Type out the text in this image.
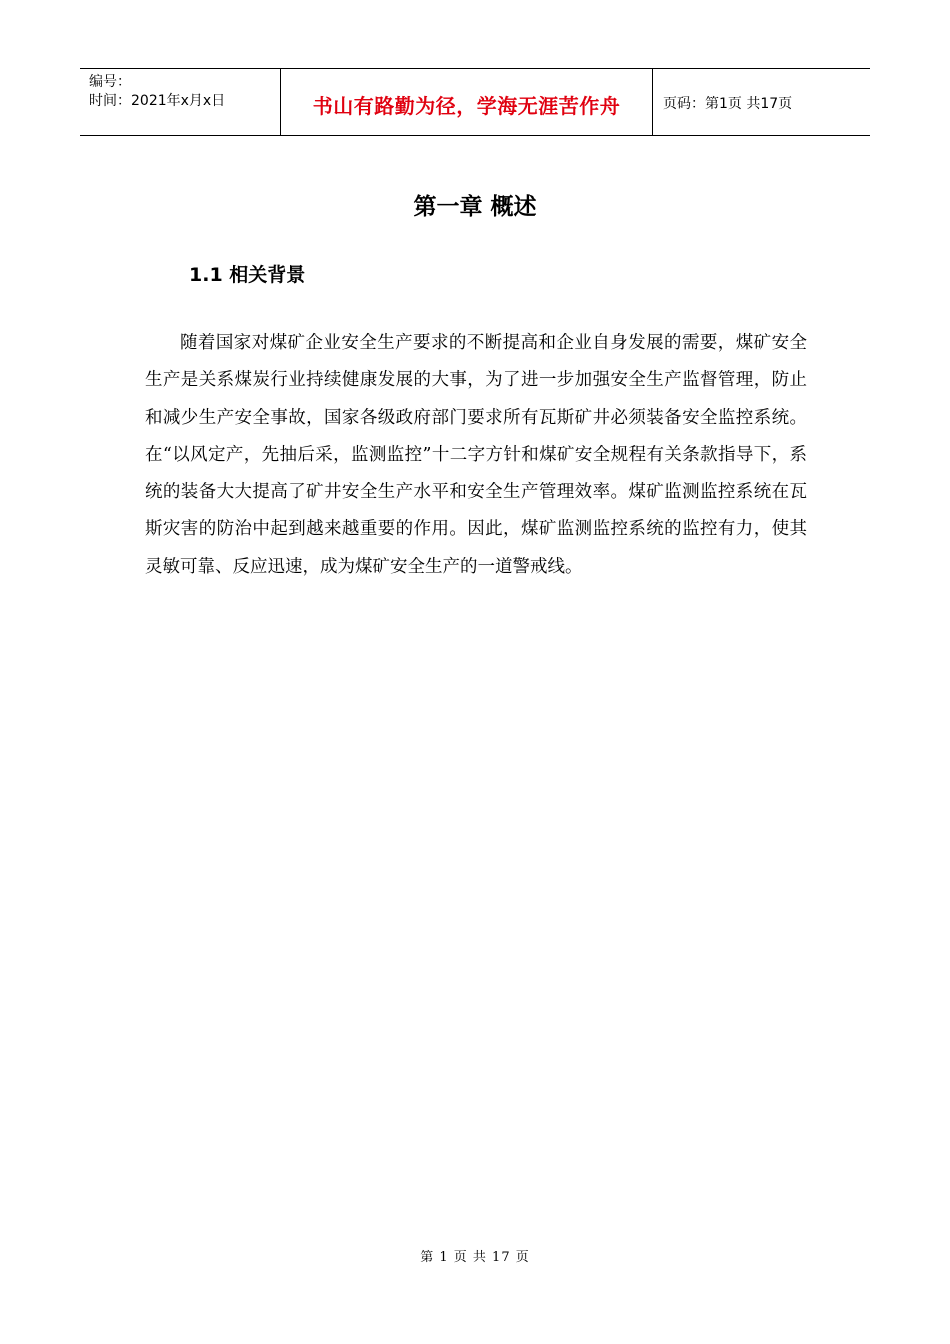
编号：
时间：2021年x月x日	书山有路勤为径，学海无涯苦作舟	页码：第1页 共17页
第一章 概述
1.1 相关背景

随着国家对煤矿企业安全生产要求的不断提高和企业自身发展的需要，煤矿安全生产是关系煤炭行业持续健康发展的大事，为了进一步加强安全生产监督管理，防止和减少生产安全事故，国家各级政府部门要求所有瓦斯矿井必须装备安全监控系统。在“以风定产，先抽后采，监测监控”十二字方针和煤矿安全规程有关条款指导下，系统的装备大大提高了矿井安全生产水平和安全生产管理效率。煤矿监测监控系统在瓦斯灾害的防治中起到越来越重要的作用。因此，煤矿监测监控系统的监控有力，使其灵敏可靠、反应迅速，成为煤矿安全生产的一道警戒线。

第 1 页 共 17 页
